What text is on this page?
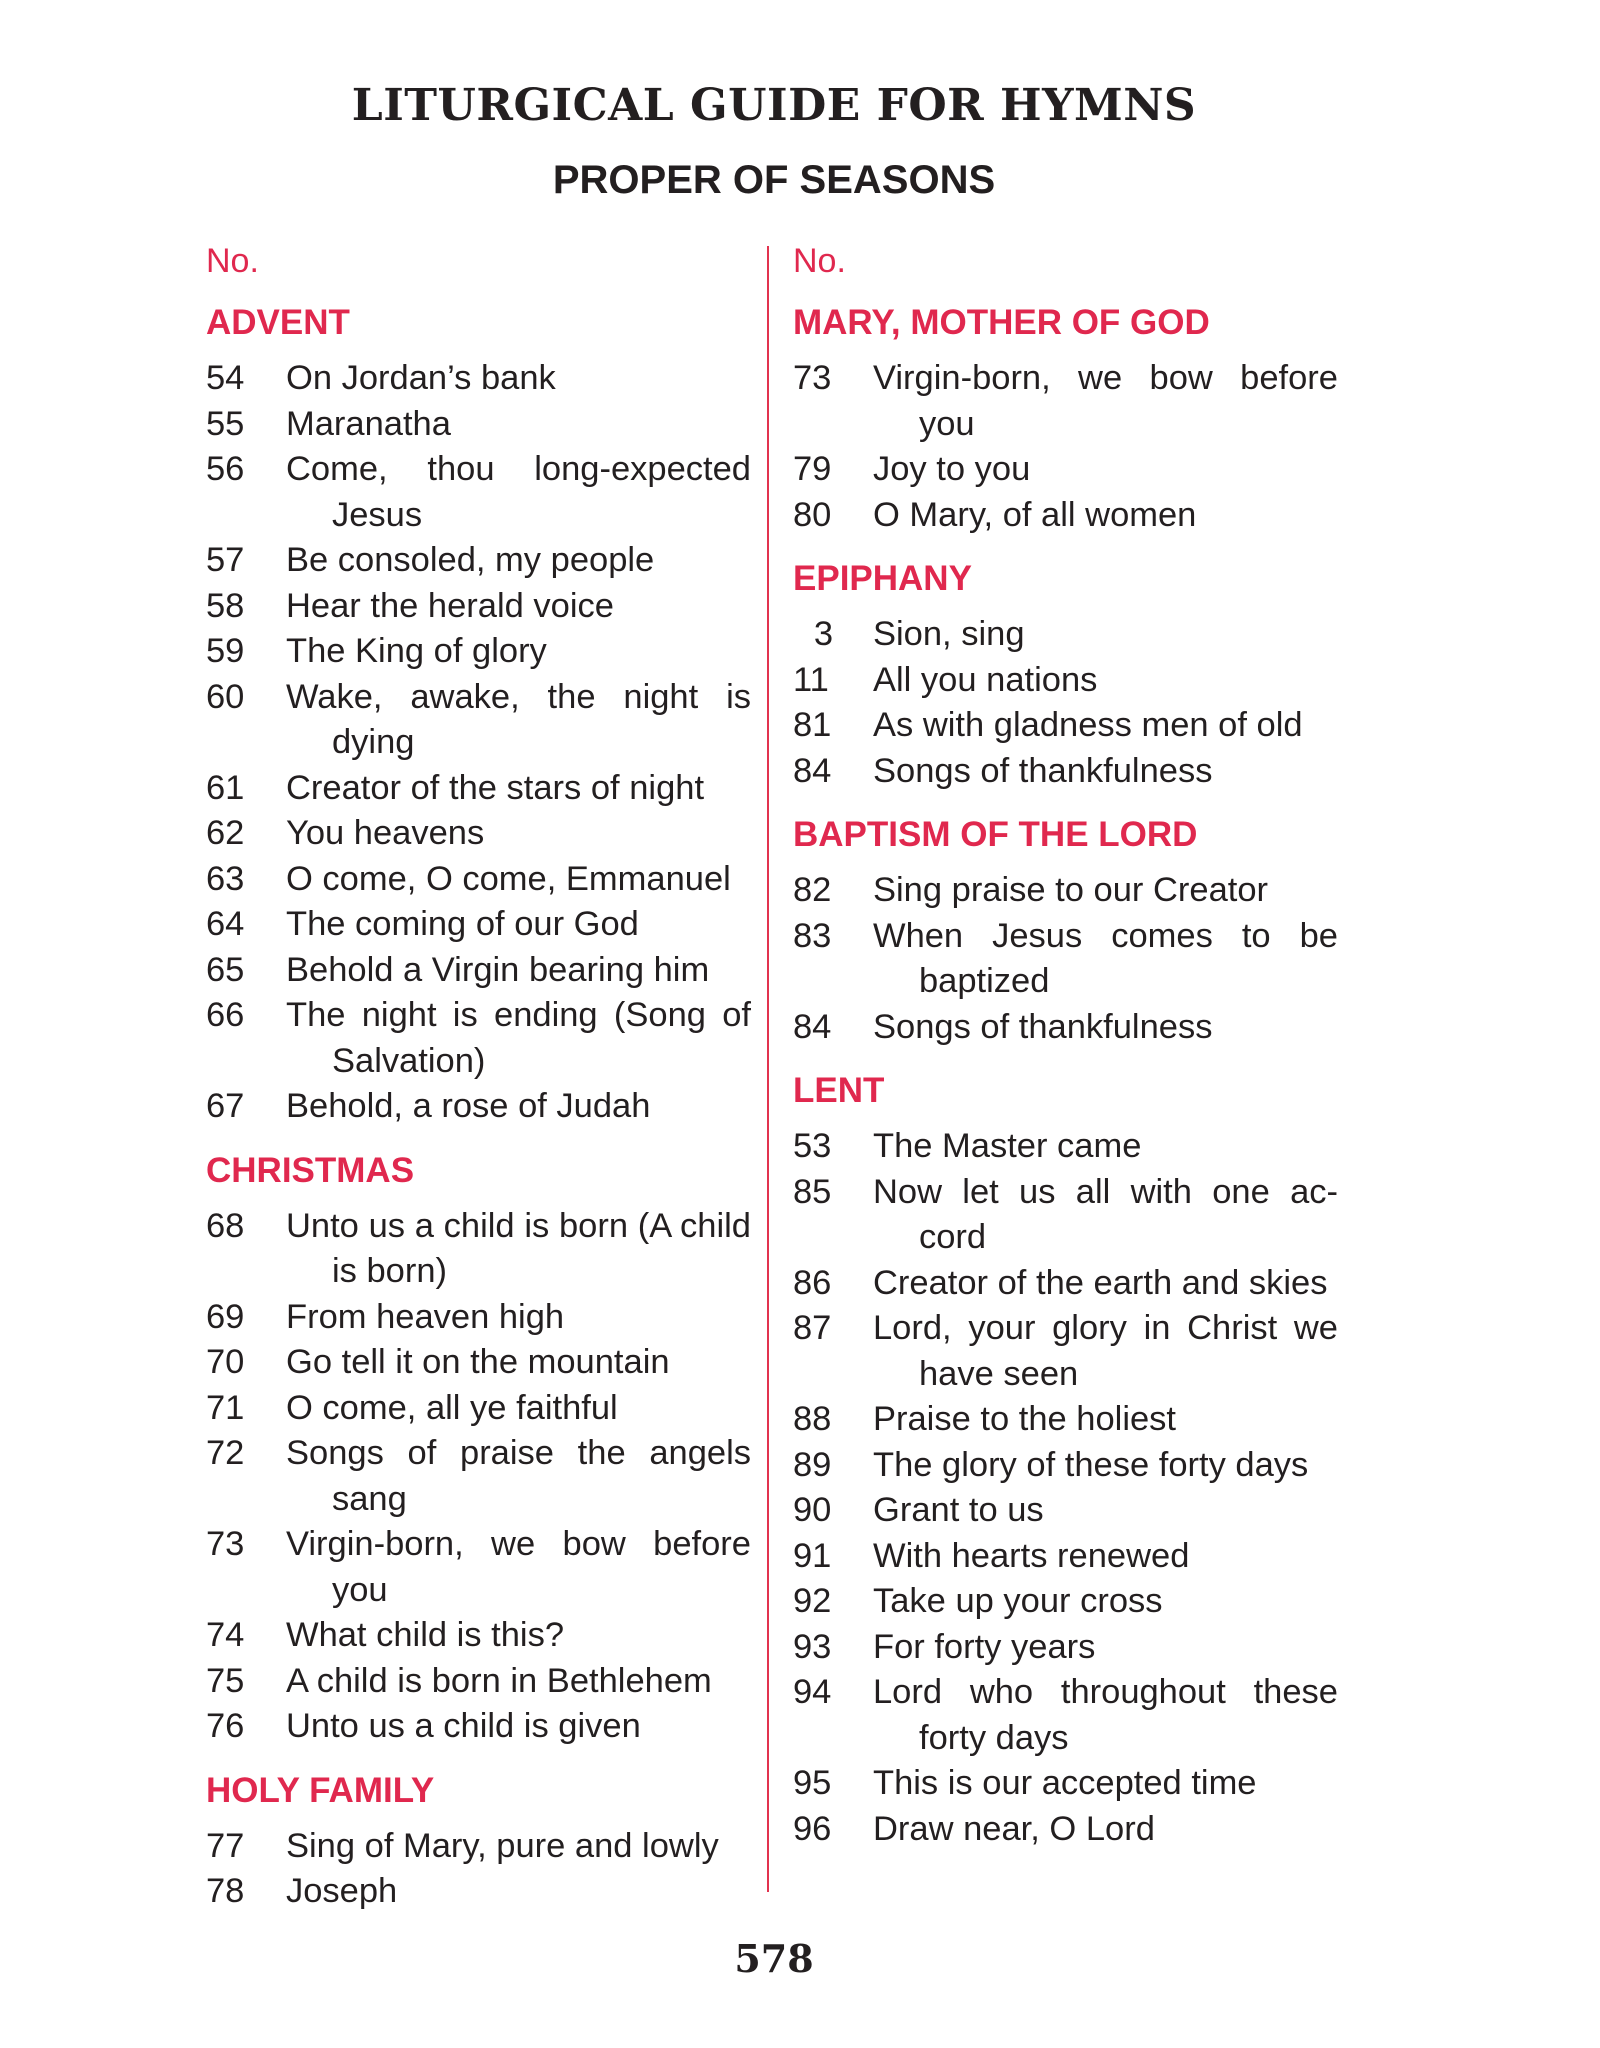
LITURGICAL GUIDE FOR HYMNS
PROPER OF SEASONS
No.
ADVENT
54	On Jordan’s bank
55	Maranatha
56	Come, thou long-expected Jesus
57	Be consoled, my people
58	Hear the herald voice
59	The King of glory
60	Wake, awake, the night is dying
61	Creator of the stars of night
62	You heavens
63	O come, O come, Emmanuel
64	The coming of our God
65	Behold a Virgin bearing him
66	The night is ending (Song of Salvation)
67	Behold, a rose of Judah
CHRISTMAS
68	Unto us a child is born (A child is born)
69	From heaven high
70	Go tell it on the mountain
71	O come, all ye faithful
72	Songs of praise the angels sang
73	Virgin-born, we bow before you
74	What child is this?
75	A child is born in Bethlehem
76	Unto us a child is given
HOLY FAMILY
77	Sing of Mary, pure and lowly
78	Joseph
No.
MARY, MOTHER OF GOD
73	Virgin-born, we bow before you
79	Joy to you
80	O Mary, of all women
EPIPHANY
3	Sion, sing
11	All you nations
81	As with gladness men of old
84	Songs of thankfulness
BAPTISM OF THE LORD
82	Sing praise to our Creator
83	When Jesus comes to be baptized
84	Songs of thankfulness
LENT
53	The Master came
85	Now let us all with one ac-cord
86	Creator of the earth and skies
87	Lord, your glory in Christ we have seen
88	Praise to the holiest
89	The glory of these forty days
90	Grant to us
91	With hearts renewed
92	Take up your cross
93	For forty years
94	Lord who throughout these forty days
95	This is our accepted time
96	Draw near, O Lord
578
